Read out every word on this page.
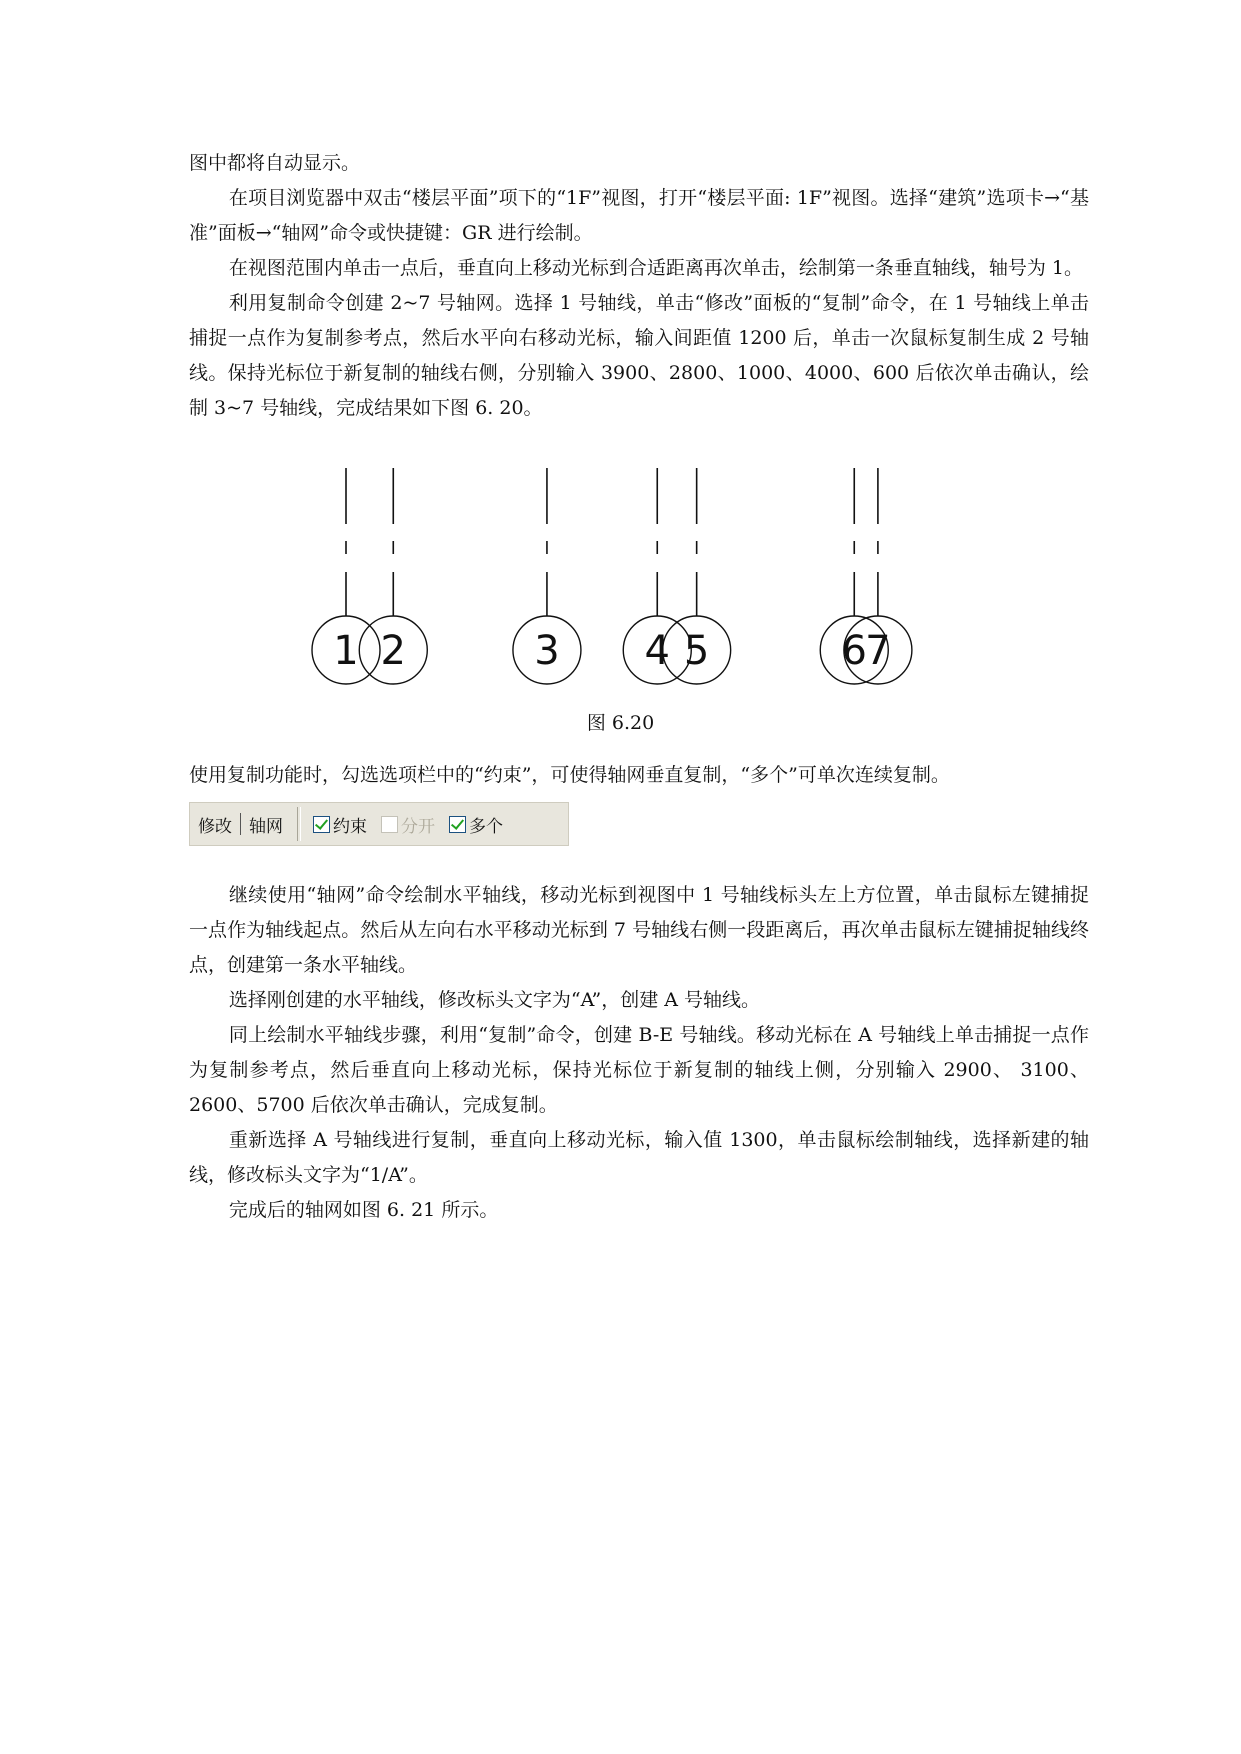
图中都将自动显示。

在项目浏览器中双击“楼层平面”项下的“1F”视图，打开“楼层平面: 1F”视图。选择“建筑”选项卡→“基准”面板→“轴网”命令或快捷键：GR 进行绘制。

在视图范围内单击一点后，垂直向上移动光标到合适距离再次单击，绘制第一条垂直轴线，轴号为 1。

利用复制命令创建 2~7 号轴网。选择 1 号轴线，单击“修改”面板的“复制”命令，在 1 号轴线上单击捕捉一点作为复制参考点，然后水平向右移动光标，输入间距值 1200 后，单击一次鼠标复制生成 2 号轴线。保持光标位于新复制的轴线右侧，分别输入 3900、2800、1000、4000、600 后依次单击确认，绘制 3~7 号轴线，完成结果如下图 6. 20。

1 2	3 4 5	6
7
图 6.20

使用复制功能时，勾选选项栏中的“约束”，可使得轴网垂直复制，“多个”可单次连续复制。

修改 轴网	约束 分开 多个

继续使用“轴网”命令绘制水平轴线，移动光标到视图中 1 号轴线标头左上方位置，单击鼠标左键捕捉一点作为轴线起点。然后从左向右水平移动光标到 7 号轴线右侧一段距离后，再次单击鼠标左键捕捉轴线终点，创建第一条水平轴线。

选择刚创建的水平轴线，修改标头文字为“A”，创建 A 号轴线。

同上绘制水平轴线步骤，利用“复制”命令，创建 B-E 号轴线。移动光标在 A 号轴线上单击捕捉一点作为复制参考点，然后垂直向上移动光标，保持光标位于新复制的轴线上侧，分别输入 2900、 3100、2600、5700 后依次单击确认，完成复制。

重新选择 A 号轴线进行复制，垂直向上移动光标，输入值 1300，单击鼠标绘制轴线，选择新建的轴线，修改标头文字为“1/A”。

完成后的轴网如图 6. 21 所示。
